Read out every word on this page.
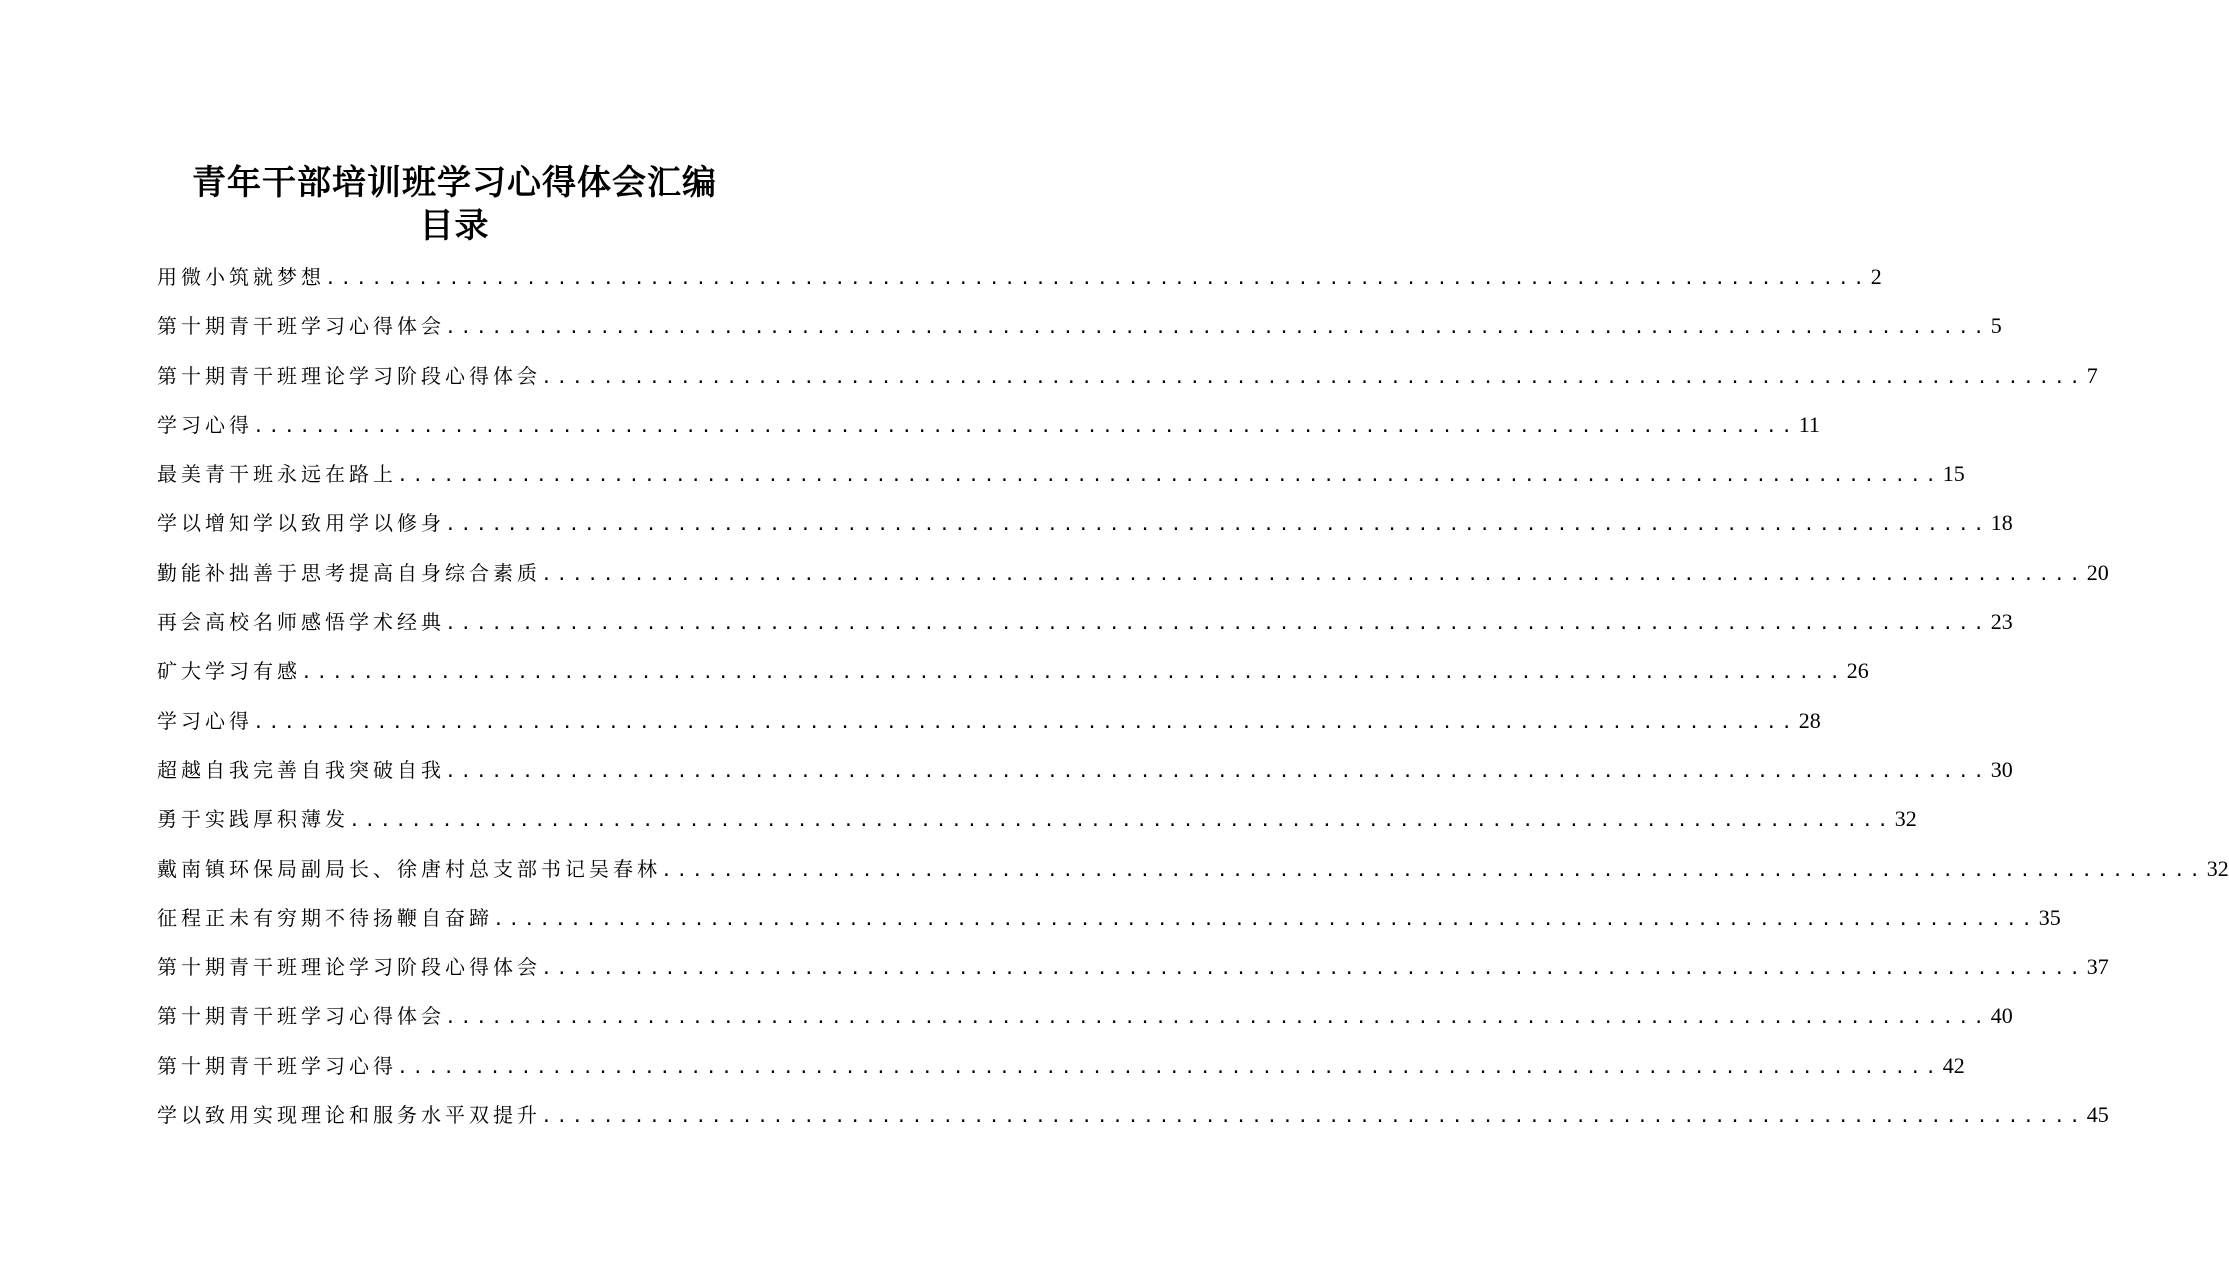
青年干部培训班学习心得体会汇编
目录
用微小筑就梦想 .................................................................................................... 2
第十期青干班学习心得体会 .................................................................................................... 5
第十期青干班理论学习阶段心得体会 .................................................................................................... 7
学习心得 .................................................................................................... 11
最美青干班永远在路上 .................................................................................................... 15
学以增知学以致用学以修身 .................................................................................................... 18
勤能补拙善于思考提高自身综合素质 .................................................................................................... 20
再会高校名师感悟学术经典 .................................................................................................... 23
矿大学习有感 .................................................................................................... 26
学习心得 .................................................................................................... 28
超越自我完善自我突破自我 .................................................................................................... 30
勇于实践厚积薄发 .................................................................................................... 32
戴南镇环保局副局长、徐唐村总支部书记吴春林 .................................................................................................... 32
征程正未有穷期不待扬鞭自奋蹄 .................................................................................................... 35
第十期青干班理论学习阶段心得体会 .................................................................................................... 37
第十期青干班学习心得体会 .................................................................................................... 40
第十期青干班学习心得 .................................................................................................... 42
学以致用实现理论和服务水平双提升 .................................................................................................... 45
